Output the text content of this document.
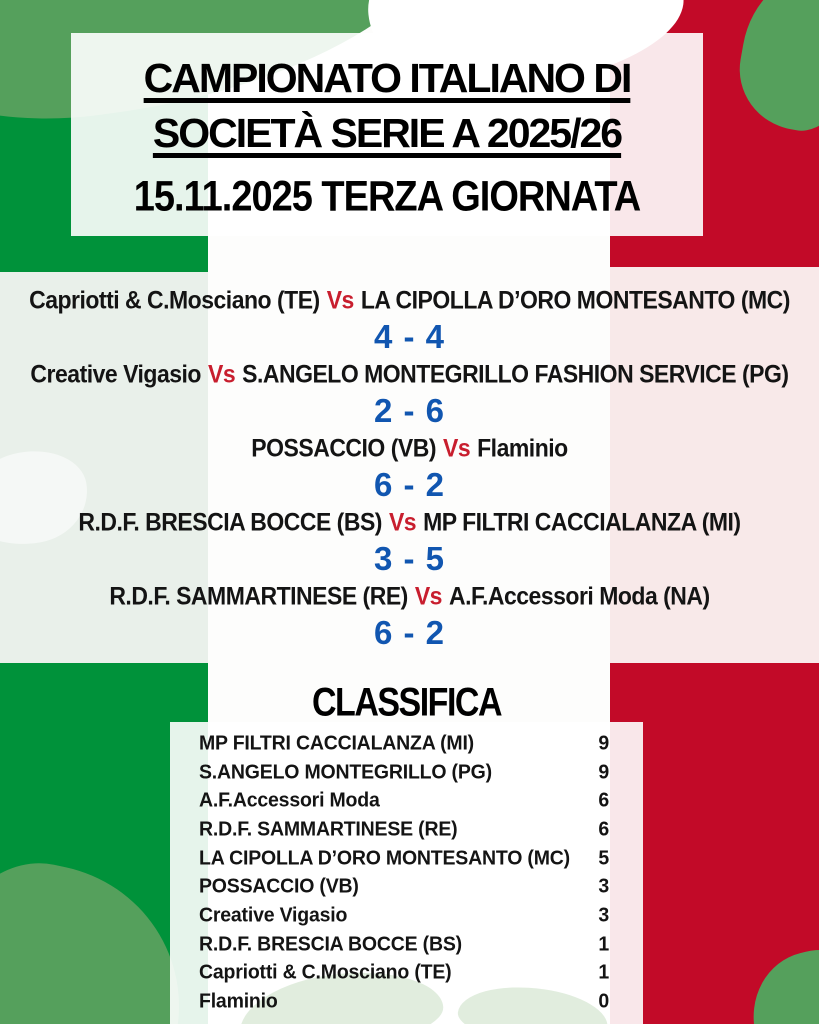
CAMPIONATO ITALIANO DI
SOCIETÀ SERIE A 2025/26
15.11.2025 TERZA GIORNATA
Capriotti & C.Mosciano (TE) Vs LA CIPOLLA D’ORO MONTESANTO (MC)
4 - 4
Creative Vigasio Vs S.ANGELO MONTEGRILLO FASHION SERVICE (PG)
2 - 6
POSSACCIO (VB) Vs Flaminio
6 - 2
R.D.F. BRESCIA BOCCE (BS) Vs MP FILTRI CACCIALANZA (MI)
3 - 5
R.D.F. SAMMARTINESE (RE) Vs A.F.Accessori Moda (NA)
6 - 2
CLASSIFICA
MP FILTRI CACCIALANZA (MI)	9
S.ANGELO MONTEGRILLO (PG)	9
A.F.Accessori Moda	6
R.D.F. SAMMARTINESE (RE)	6
LA CIPOLLA D’ORO MONTESANTO (MC) 5
POSSACCIO (VB)	3
Creative Vigasio	3
R.D.F. BRESCIA BOCCE (BS)	1
Capriotti & C.Mosciano (TE)	1
Flaminio	0
